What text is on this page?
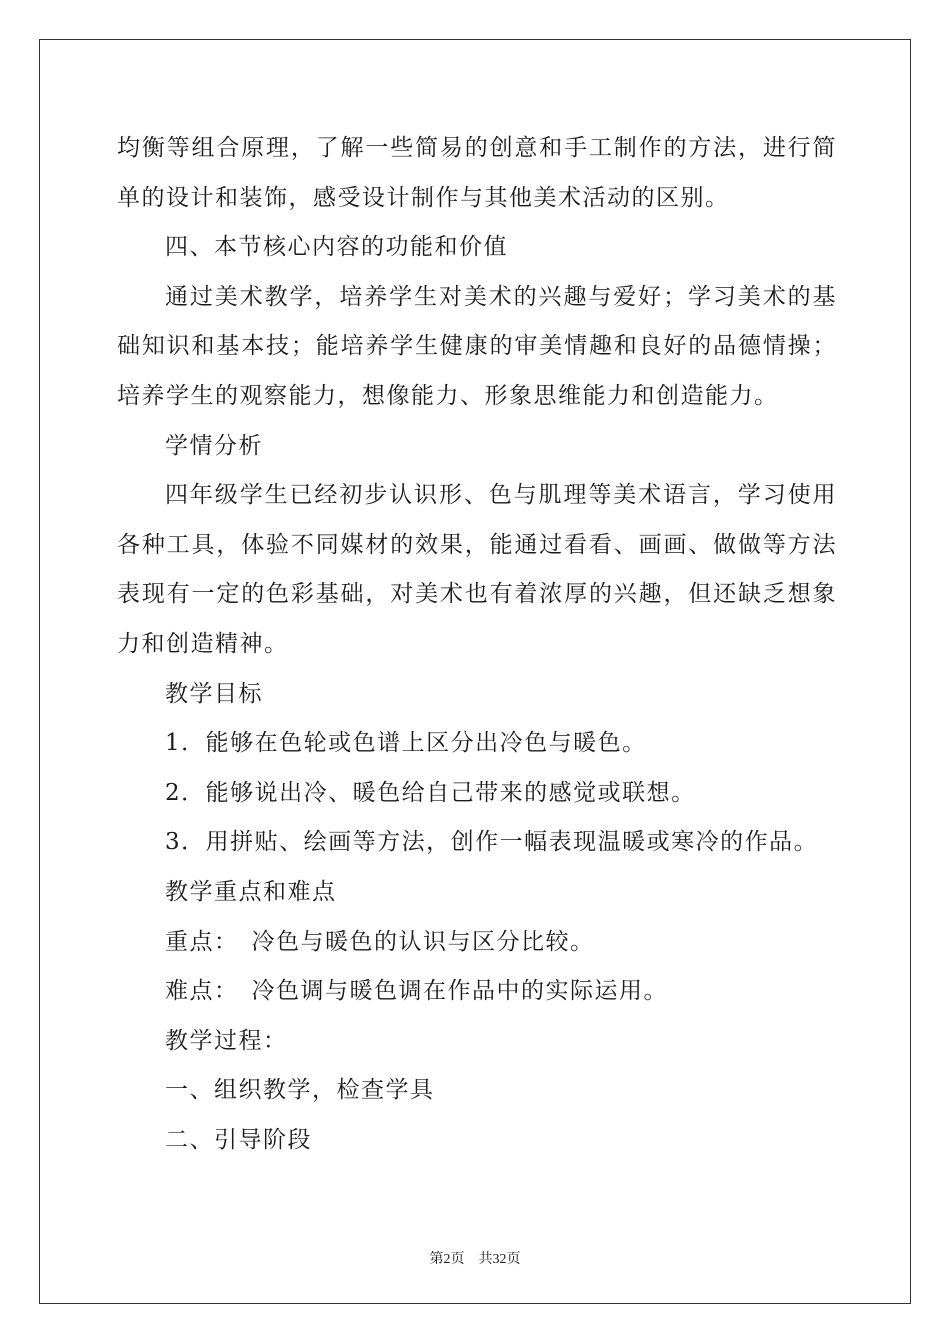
均衡等组合原理，了解一些简易的创意和手工制作的方法，进行简单的设计和装饰，感受设计制作与其他美术活动的区别。

四、本节核心内容的功能和价值

通过美术教学，培养学生对美术的兴趣与爱好；学习美术的基础知识和基本技；能培养学生健康的审美情趣和良好的品德情操；培养学生的观察能力，想像能力、形象思维能力和创造能力。

学情分析

四年级学生已经初步认识形、色与肌理等美术语言，学习使用各种工具，体验不同媒材的效果，能通过看看、画画、做做等方法表现有一定的色彩基础，对美术也有着浓厚的兴趣，但还缺乏想象力和创造精神。

教学目标

1．能够在色轮或色谱上区分出冷色与暖色。

2．能够说出冷、暖色给自己带来的感觉或联想。

3．用拼贴、绘画等方法，创作一幅表现温暖或寒冷的作品。

教学重点和难点

重点：　冷色与暖色的认识与区分比较。

难点：　冷色调与暖色调在作品中的实际运用。

教学过程：

一、组织教学，检查学具

二、引导阶段

第2页 共32页
